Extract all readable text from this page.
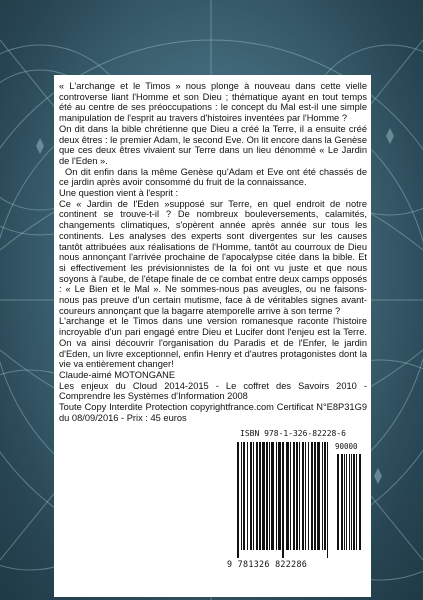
« L'archange et le Timos » nous plonge à nouveau dans cette vielle controverse liant l'Homme et son Dieu ; thématique ayant en tout temps été au centre de ses préoccupations : le concept du Mal est-il une simple manipulation de l'esprit au travers d'histoires inventées par l'Homme ?

On dit dans la bible chrétienne que Dieu a créé la Terre, il a ensuite créé deux êtres : le premier Adam, le second Eve. On lit encore dans la Genèse que ces deux êtres vivaient sur Terre dans un lieu dénommé « Le Jardin de l'Eden ».

On dit enfin dans la même Genèse qu'Adam et Eve ont été chassés de ce jardin après avoir consommé du fruit de la connaissance.

Une question vient à l'esprit :

Ce « Jardin de l'Eden »supposé sur Terre, en quel endroit de notre continent se trouve-t-il ? De nombreux bouleversements, calamités, changements climatiques, s'opèrent année après année sur tous les continents. Les analyses des experts sont divergentes sur les causes tantôt attribuées aux réalisations de l'Homme, tantôt au courroux de Dieu nous annonçant l'arrivée prochaine de l'apocalypse citée dans la bible. Et si effectivement les prévisionnistes de la foi ont vu juste et que nous soyons à l'aube, de l'étape finale de ce combat entre deux camps opposés : « Le Bien et le Mal ». Ne sommes-nous pas aveugles, ou ne faisons-nous pas preuve d'un certain mutisme, face à de véritables signes avant-coureurs annonçant que la bagarre atemporelle arrive à son terme ?

L'archange et le Timos dans une version romanesque raconte l'histoire incroyable d'un pari engagé entre Dieu et Lucifer dont l'enjeu est la Terre. On va ainsi découvrir l'organisation du Paradis et de l'Enfer, le jardin d'Eden, un livre exceptionnel, enfin Henry et d'autres protagonistes dont la vie va entièrement changer!

Claude-aimé MOTONGANE

Les enjeux du Cloud 2014-2015 - Le coffret des Savoirs 2010 - Comprendre les Systèmes d'Information 2008

Toute Copy Interdite Protection copyrightfrance.com Certificat N°E8P31G9 du 08/09/2016 - Prix : 45 euros

ISBN 978-1-326-82228-6
90000
9 781326 822286
